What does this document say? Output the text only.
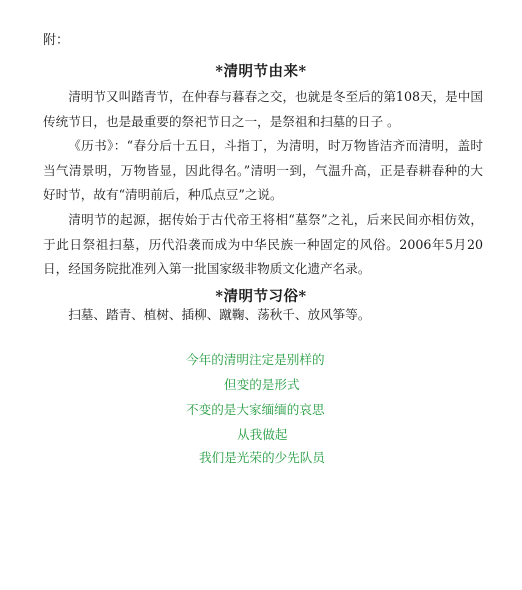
附：
*清明节由来*

清明节又叫踏青节，在仲春与暮春之交，也就是冬至后的第108天，是中国传统节日，也是最重要的祭祀节日之一，是祭祖和扫墓的日子 。

《历书》：“春分后十五日，斗指丁，为清明，时万物皆洁齐而清明，盖时当气清景明，万物皆显，因此得名。”清明一到，气温升高，正是春耕春种的大好时节，故有“清明前后，种瓜点豆”之说。

清明节的起源，据传始于古代帝王将相“墓祭”之礼，后来民间亦相仿效，于此日祭祖扫墓，历代沿袭而成为中华民族一种固定的风俗。2006年5月20日，经国务院批准列入第一批国家级非物质文化遗产名录。

*清明节习俗*

扫墓、踏青、植树、插柳、蹴鞠、荡秋千、放风筝等。

今年的清明注定是别样的
但变的是形式
不变的是大家缅缅的哀思
从我做起
我们是光荣的少先队员
